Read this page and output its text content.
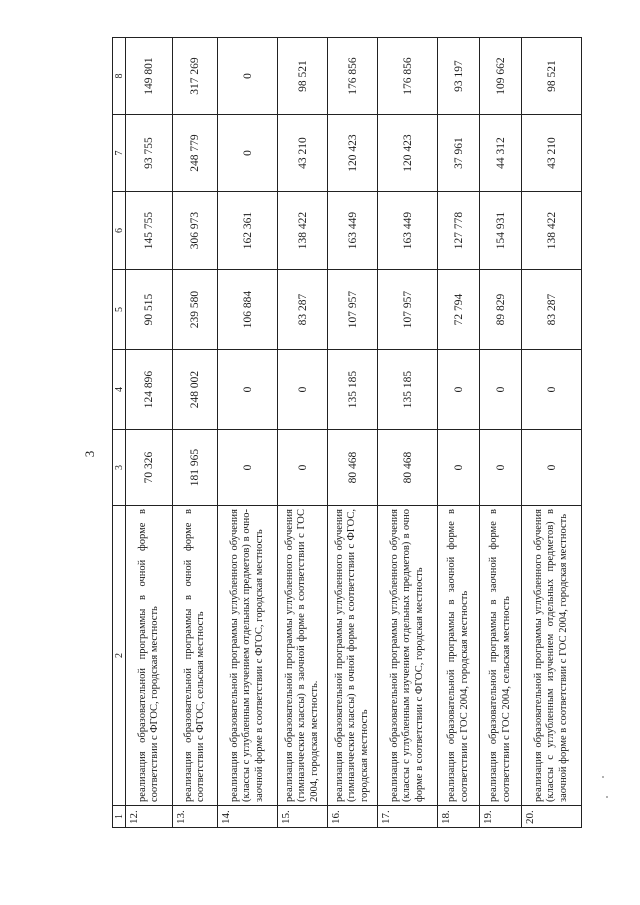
3
1	2	3	4	5	6	7	8
12.	реализация образовательной программы в очной форме в соответствии с ФГОС, городская местность	70 326	124 896	90 515	145 755	93 755	149 801
13.	реализация образовательной программы в очной форме в соответствии с ФГОС, сельская местность	181 965	248 002	239 580	306 973	248 779	317 269
14.	реализация образовательной программы углубленного обучения (классы с углубленным изучением отдельных предметов) в очно-заочной форме в соответствии с ФГОС, городская местность	0	0	106 884	162 361	0	0
15.	реализация образовательной программы углубленного обучения (гимназические классы) в заочной форме в соответствии с ГОС 2004, городская местность.	0	0	83 287	138 422	43 210	98 521
16.	реализация образовательной программы углубленного обучения (гимназические классы) в очной форме в соответствии с ФГОС, городская местность	80 468	135 185	107 957	163 449	120 423	176 856
17.	реализация образовательной программы углубленного обучения (классы с углубленным изучением отдельных предметов) в очно форме в соответствии с ФГОС, городская местность	80 468	135 185	107 957	163 449	120 423	176 856
18.	реализация образовательной программы в заочной форме в соответствии с ГОС 2004, городская местность	0	0	72 794	127 778	37 961	93 197
19.	реализация образовательной программы в заочной форме в соответствии с ГОС 2004, сельская местность	0	0	89 829	154 931	44 312	109 662
20.	реализация образовательной программы углубленного обучения (классы с углубленным изучением отдельных предметов) в заочной форме в соответствии с ГОС 2004, городская местность	0	0	83 287	138 422	43 210	98 521
